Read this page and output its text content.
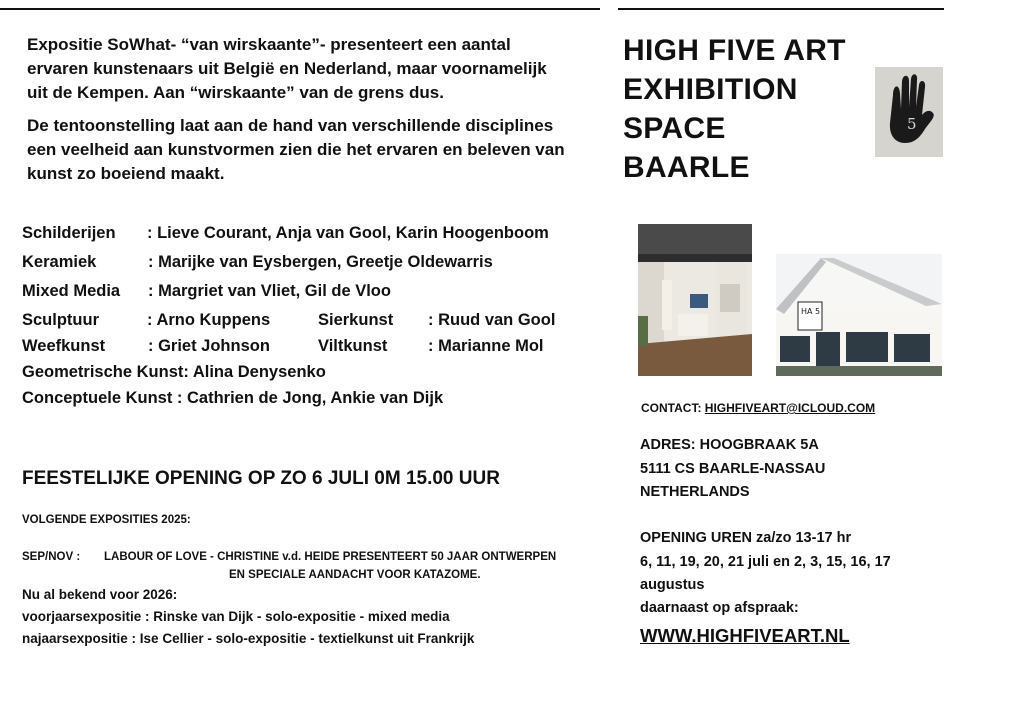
Expositie SoWhat- “van wirskaante”- presenteert een aantal
ervaren kunstenaars uit België en Nederland, maar voornamelijk
uit de Kempen. Aan “wirskaante” van de grens dus.

De tentoonstelling laat aan de hand van verschillende disciplines
een veelheid aan kunstvormen zien die het ervaren en beleven van
kunst zo boeiend maakt.

Schilderijen : Lieve Courant, Anja van Gool, Karin Hoogenboom
Keramiek	: Marijke van Eysbergen, Greetje Oldewarris
Mixed Media : Margriet van Vliet, Gil de Vloo
Sculptuur	: Arno Kuppens	Sierkunst : Ruud van Gool
Weefkunst	: Griet Johnson	Viltkunst : Marianne Mol
Geometrische Kunst: Alina Denysenko
Conceptuele Kunst : Cathrien de Jong, Ankie van Dijk
FEESTELIJKE OPENING OP ZO 6 JULI 0M 15.00 UUR
VOLGENDE EXPOSITIES 2025:
SEP/NOV : LABOUR OF LOVE - CHRISTINE v.d. HEIDE PRESENTEERT 50 JAAR ONTWERPEN
EN SPECIALE AANDACHT VOOR KATAZOME.
Nu al bekend voor 2026:
voorjaarsexpositie : Rinske van Dijk - solo-expositie - mixed media
najaarsexpositie : Ise Cellier - solo-expositie - textielkunst uit Frankrijk
HIGH FIVE ART
EXHIBITION
SPACE
BAARLE
5
HA 5
CONTACT: HIGHFIVEART@ICLOUD.COM
ADRES: HOOGBRAAK 5A
5111 CS BAARLE-NASSAU
NETHERLANDS
OPENING UREN za/zo 13-17 hr
6, 11, 19, 20, 21 juli en 2, 3, 15, 16, 17
augustus
daarnaast op afspraak:
WWW.HIGHFIVEART.NL
